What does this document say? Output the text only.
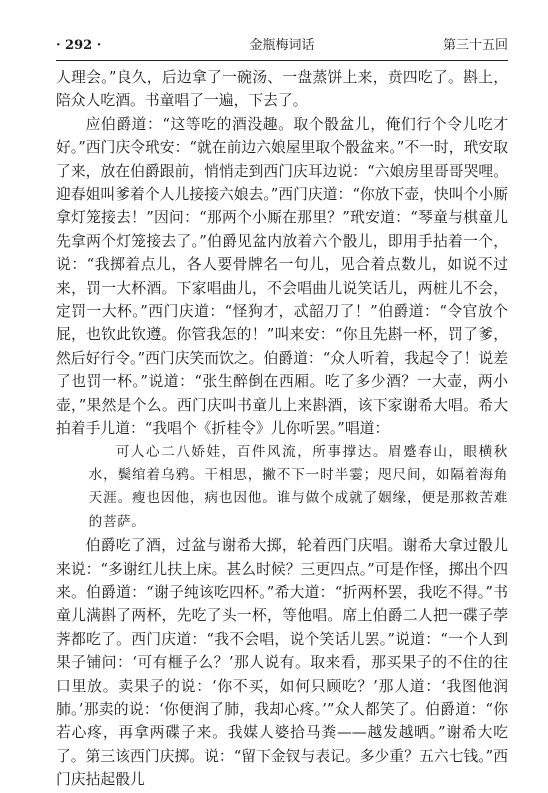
· 292 ·	金瓶梅词话	第三十五回

人理会。”良久，后边拿了一碗汤、一盘蒸饼上来，贲四吃了。斟上，陪众人吃酒。书童唱了一遍，下去了。

应伯爵道：“这等吃的酒没趣。取个骰盆儿，俺们行个令儿吃才好。”西门庆令玳安：“就在前边六娘屋里取个骰盆来。”不一时，玳安取了来，放在伯爵跟前，悄悄走到西门庆耳边说：“六娘房里哥哥哭哩。迎春姐叫爹着个人儿接接六娘去。”西门庆道：“你放下壶，快叫个小厮拿灯笼接去！”因问：“那两个小厮在那里？”玳安道：“琴童与棋童儿先拿两个灯笼接去了。”伯爵见盆内放着六个骰儿，即用手拈着一个，说：“我掷着点儿，各人要骨牌名一句儿，见合着点数儿，如说不过来，罚一大杯酒。下家唱曲儿，不会唱曲儿说笑话儿，两桩儿不会，定罚一大杯。”西门庆道：“怪狗才，忒韶刀了！”伯爵道：“令官放个屁，也钦此钦遵。你管我怎的！”叫来安：“你且先斟一杯，罚了爹，然后好行令。”西门庆笑而饮之。伯爵道：“众人听着，我起令了！说差了也罚一杯。”说道：“张生醉倒在西厢。吃了多少酒？一大壶，两小壶，”果然是个么。西门庆叫书童儿上来斟酒，该下家谢希大唱。希大拍着手儿道：“我唱个《折桂令》儿你听罢。”唱道：

可人心二八娇娃，百件风流，所事撑达。眉蹙春山，眼横秋水，鬓绾着乌鸦。干相思，撇不下一时半霎；咫尺间，如隔着海角天涯。瘦也因他，病也因他。谁与做个成就了姻缘，便是那救苦难的菩萨。

伯爵吃了酒，过盆与谢希大掷，轮着西门庆唱。谢希大拿过骰儿来说：“多谢红儿扶上床。甚么时候？三更四点。”可是作怪，掷出个四来。伯爵道：“谢子纯该吃四杯。”希大道：“折两杯罢，我吃不得。”书童儿满斟了两杯，先吃了头一杯，等他唱。席上伯爵二人把一碟子荸荠都吃了。西门庆道：“我不会唱，说个笑话儿罢。”说道：“一个人到果子铺问：‘可有榧子么？’那人说有。取来看，那买果子的不住的往口里放。卖果子的说：‘你不买，如何只顾吃？’那人道：‘我图他润肺。’那卖的说：‘你便润了肺，我却心疼。’”众人都笑了。伯爵道：“你若心疼，再拿两碟子来。我媒人婆拾马粪——越发越晒。”谢希大吃了。第三该西门庆掷。说：“留下金钗与表记。多少重？五六七钱。”西门庆拈起骰儿
